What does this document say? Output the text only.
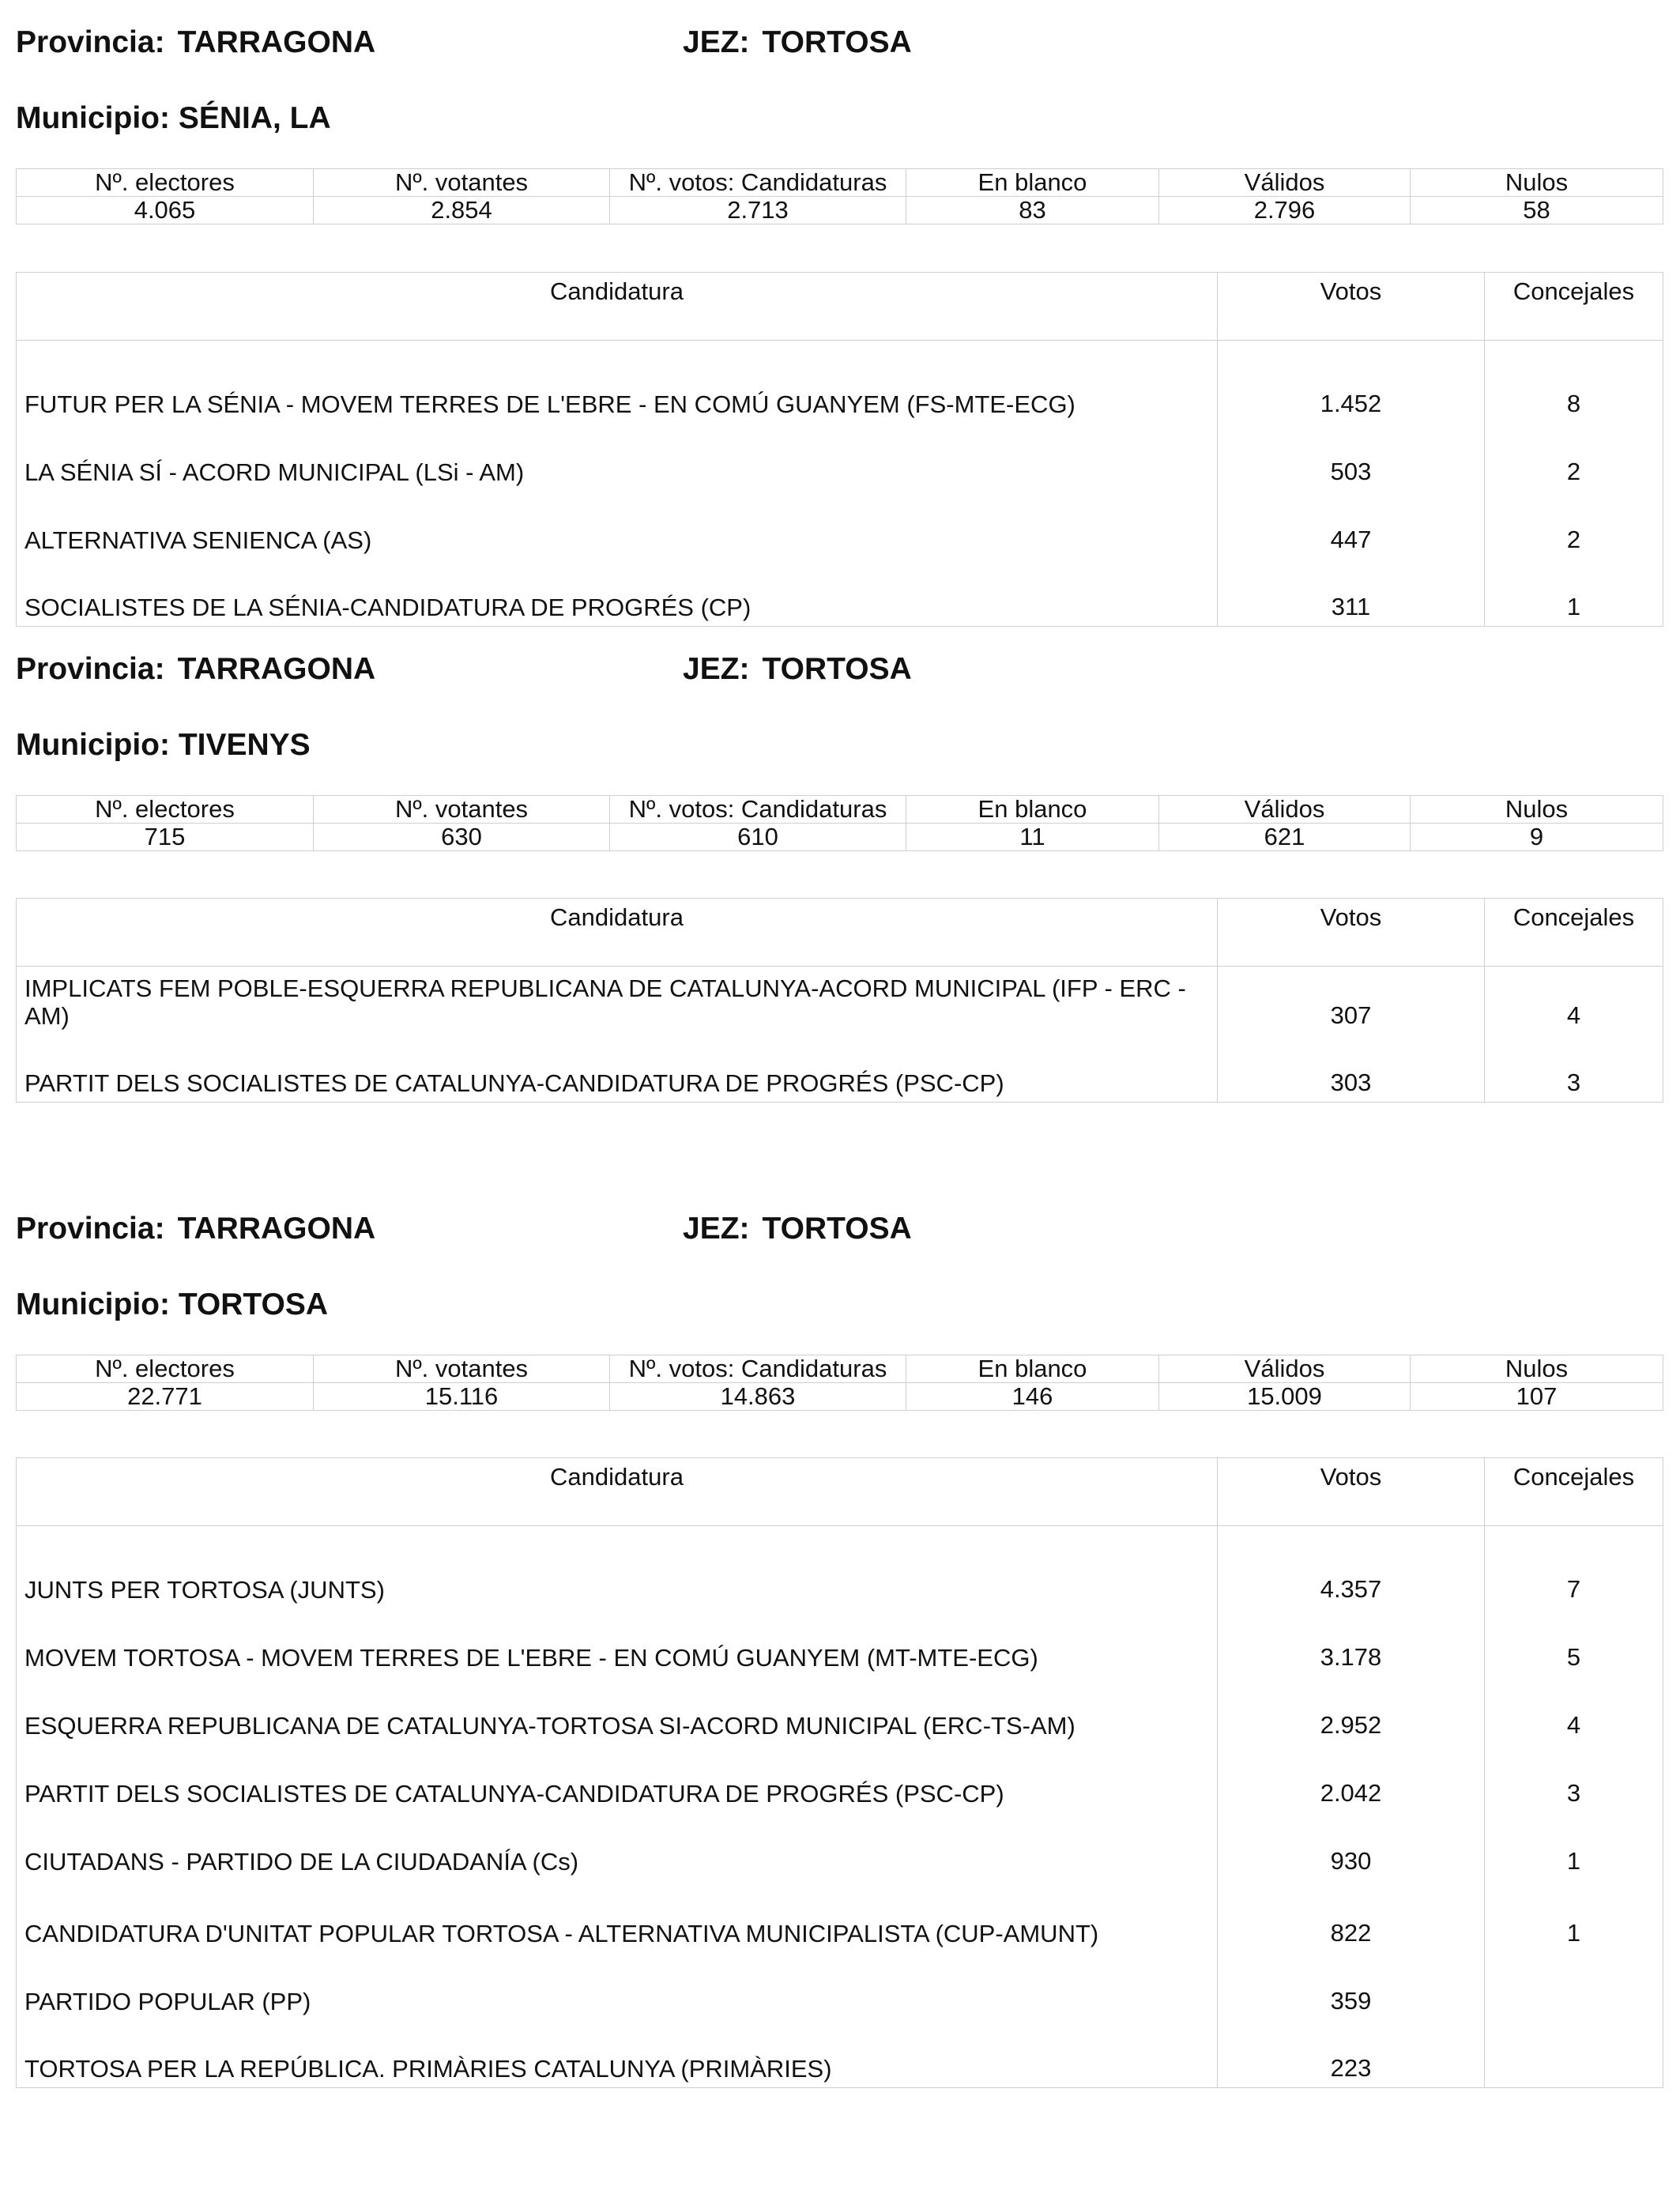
Provincia: TARRAGONA	JEZ: TORTOSA
Municipio: SÉNIA, LA
Nº. electores	Nº. votantes	Nº. votos: Candidaturas	En blanco	Válidos	Nulos
4.065	2.854	2.713	83	2.796	58
Candidatura	Votos	Concejales
FUTUR PER LA SÉNIA - MOVEM TERRES DE L'EBRE - EN COMÚ GUANYEM (FS-MTE-ECG)	1.452	8
LA SÉNIA SÍ - ACORD MUNICIPAL (LSi - AM)	503	2
ALTERNATIVA SENIENCA (AS)	447	2
SOCIALISTES DE LA SÉNIA-CANDIDATURA DE PROGRÉS (CP)	311	1
Provincia: TARRAGONA	JEZ: TORTOSA
Municipio: TIVENYS
Nº. electores	Nº. votantes	Nº. votos: Candidaturas	En blanco	Válidos	Nulos
715	630	610	11	621	9
Candidatura	Votos	Concejales
IMPLICATS FEM POBLE-ESQUERRA REPUBLICANA DE CATALUNYA-ACORD MUNICIPAL (IFP - ERC - AM)	307	4
PARTIT DELS SOCIALISTES DE CATALUNYA-CANDIDATURA DE PROGRÉS (PSC-CP)	303	3
Provincia: TARRAGONA	JEZ: TORTOSA
Municipio: TORTOSA
Nº. electores	Nº. votantes	Nº. votos: Candidaturas	En blanco	Válidos	Nulos
22.771	15.116	14.863	146	15.009	107
Candidatura	Votos	Concejales
JUNTS PER TORTOSA (JUNTS)	4.357	7
MOVEM TORTOSA - MOVEM TERRES DE L'EBRE - EN COMÚ GUANYEM (MT-MTE-ECG)	3.178	5
ESQUERRA REPUBLICANA DE CATALUNYA-TORTOSA SI-ACORD MUNICIPAL (ERC-TS-AM)	2.952	4
PARTIT DELS SOCIALISTES DE CATALUNYA-CANDIDATURA DE PROGRÉS (PSC-CP)	2.042	3
CIUTADANS - PARTIDO DE LA CIUDADANÍA (Cs)	930	1
CANDIDATURA D'UNITAT POPULAR TORTOSA - ALTERNATIVA MUNICIPALISTA (CUP-AMUNT)	822	1
PARTIDO POPULAR (PP)	359	
TORTOSA PER LA REPÚBLICA. PRIMÀRIES CATALUNYA (PRIMÀRIES)	223	
